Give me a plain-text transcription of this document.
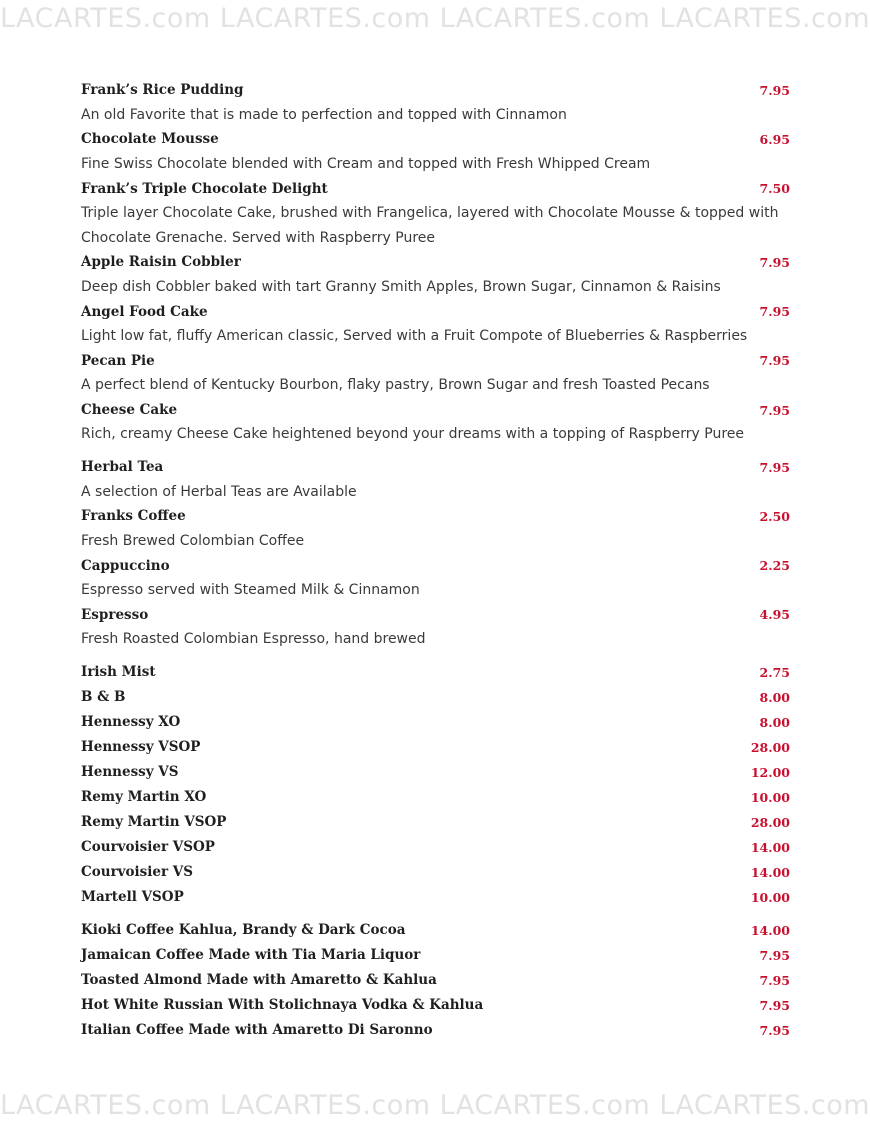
LACARTES.com LACARTES.com LACARTES.com LACARTES.com
Frank’s Rice Pudding	7.95
An old Favorite that is made to perfection and topped with Cinnamon
Chocolate Mousse	6.95
Fine Swiss Chocolate blended with Cream and topped with Fresh Whipped Cream
Frank’s Triple Chocolate Delight	7.50
Triple layer Chocolate Cake, brushed with Frangelica, layered with Chocolate Mousse & topped with Chocolate Grenache. Served with Raspberry Puree
Apple Raisin Cobbler	7.95
Deep dish Cobbler baked with tart Granny Smith Apples, Brown Sugar, Cinnamon & Raisins
Angel Food Cake	7.95
Light low fat, fluffy American classic, Served with a Fruit Compote of Blueberries & Raspberries
Pecan Pie	7.95
A perfect blend of Kentucky Bourbon, flaky pastry, Brown Sugar and fresh Toasted Pecans
Cheese Cake	7.95
Rich, creamy Cheese Cake heightened beyond your dreams with a topping of Raspberry Puree
Herbal Tea	7.95
A selection of Herbal Teas are Available
Franks Coffee	2.50
Fresh Brewed Colombian Coffee
Cappuccino	2.25
Espresso served with Steamed Milk & Cinnamon
Espresso	4.95
Fresh Roasted Colombian Espresso, hand brewed
Irish Mist	2.75
B & B	8.00
Hennessy XO	8.00
Hennessy VSOP	28.00
Hennessy VS	12.00
Remy Martin XO	10.00
Remy Martin VSOP	28.00
Courvoisier VSOP	14.00
Courvoisier VS	14.00
Martell VSOP	10.00
Kioki Coffee Kahlua, Brandy & Dark Cocoa	14.00
Jamaican Coffee Made with Tia Maria Liquor	7.95
Toasted Almond Made with Amaretto & Kahlua	7.95
Hot White Russian With Stolichnaya Vodka & Kahlua	7.95
Italian Coffee Made with Amaretto Di Saronno	7.95
LACARTES.com LACARTES.com LACARTES.com LACARTES.com
